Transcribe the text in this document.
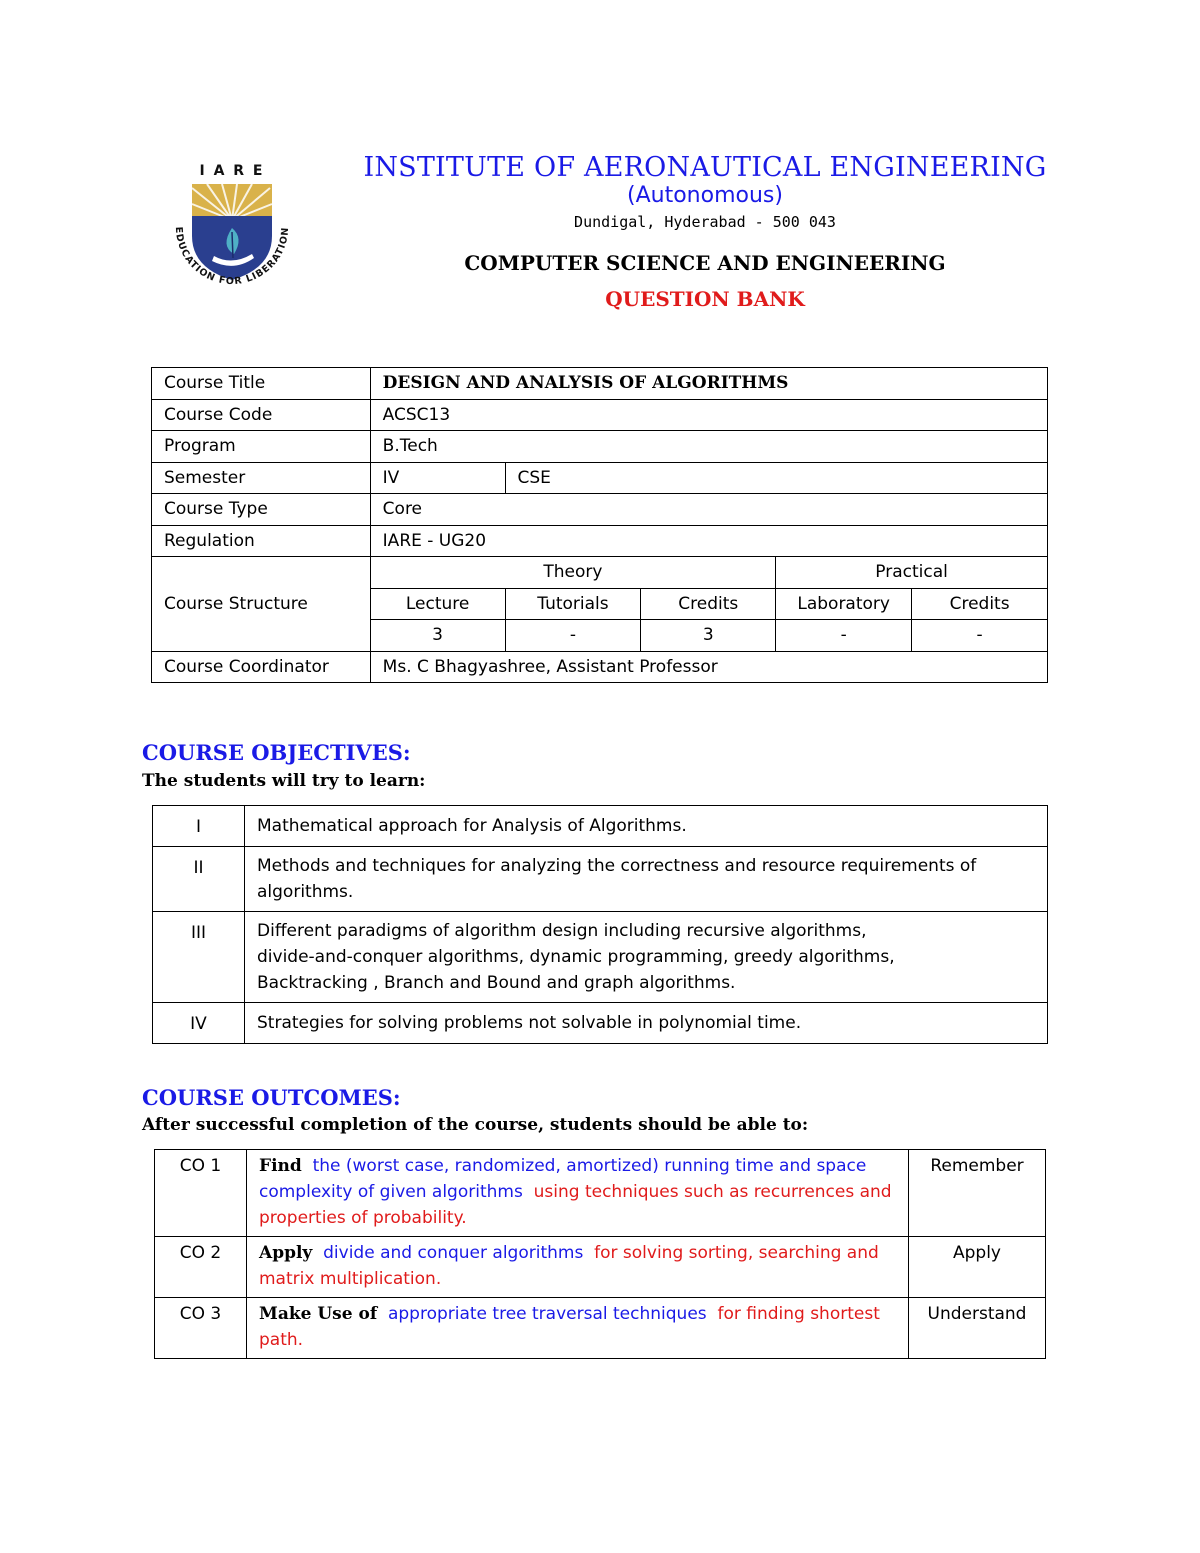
I A R E
EDUCATION FOR LIBERATION
INSTITUTE OF AERONAUTICAL ENGINEERING
(Autonomous)
Dundigal, Hyderabad - 500 043
COMPUTER SCIENCE AND ENGINEERING
QUESTION BANK
Course Title	DESIGN AND ANALYSIS OF ALGORITHMS				
Course Code	ACSC13				
Program	B.Tech				
Semester	IV	CSE			
Course Type	Core				
Regulation	IARE - UG20				
Course Structure	Theory			Practical	
	Lecture	Tutorials	Credits	Laboratory	Credits
	3	-	3	-	-
Course Coordinator	Ms. C Bhagyashree, Assistant Professor				
COURSE OBJECTIVES:
The students will try to learn:
I	Mathematical approach for Analysis of Algorithms.
II	Methods and techniques for analyzing the correctness and resource requirements of algorithms.
III	Different paradigms of algorithm design including recursive algorithms,
divide-and-conquer algorithms, dynamic programming, greedy algorithms,
Backtracking , Branch and Bound and graph algorithms.

IV	Strategies for solving problems not solvable in polynomial time.
COURSE OUTCOMES:
After successful completion of the course, students should be able to:
CO 1	Find the (worst case, randomized, amortized) running time and space complexity of given algorithms using techniques such as recurrences and properties of probability.	Remember
CO 2	Apply divide and conquer algorithms for solving sorting, searching and matrix multiplication.	Apply
CO 3	Make Use of appropriate tree traversal techniques for finding shortest path.	Understand
